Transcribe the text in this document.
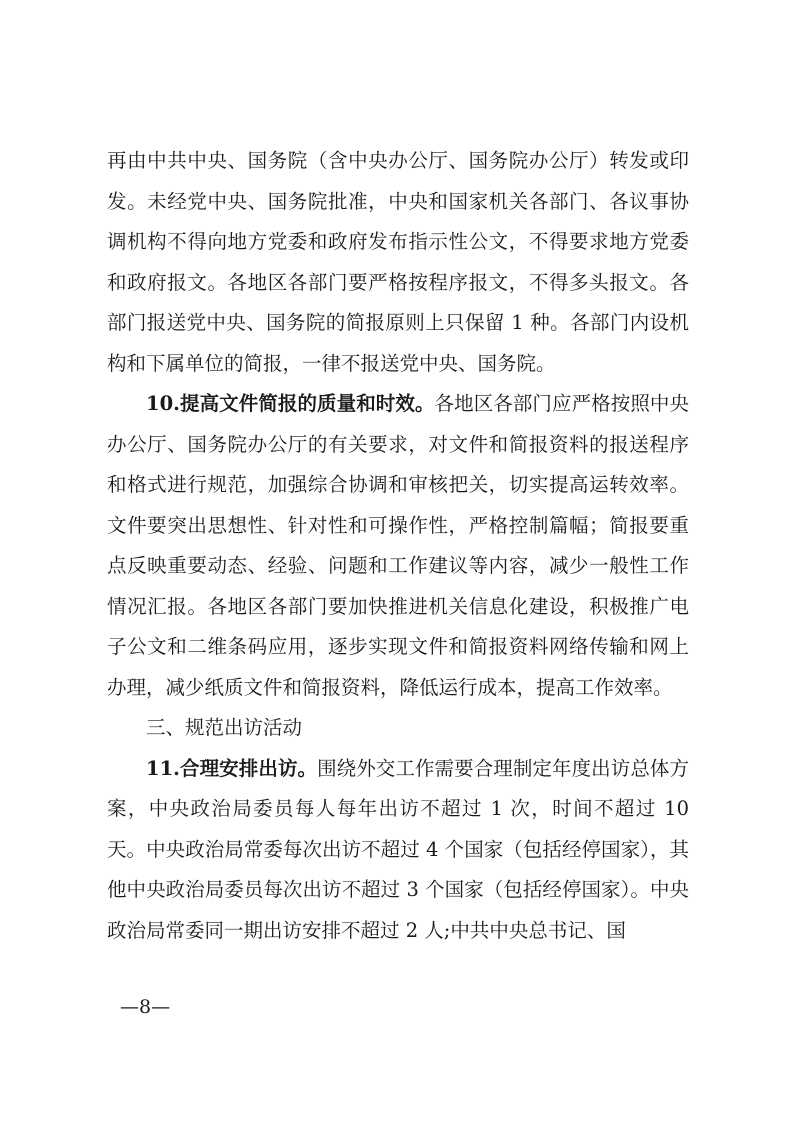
再由中共中央、国务院（含中央办公厅、国务院办公厅）转发或印发。未经党中央、国务院批准，中央和国家机关各部门、各议事协调机构不得向地方党委和政府发布指示性公文，不得要求地方党委和政府报文。各地区各部门要严格按程序报文，不得多头报文。各部门报送党中央、国务院的简报原则上只保留 1 种。各部门内设机构和下属单位的简报，一律不报送党中央、国务院。

10.提高文件简报的质量和时效。各地区各部门应严格按照中央办公厅、国务院办公厅的有关要求，对文件和简报资料的报送程序和格式进行规范，加强综合协调和审核把关，切实提高运转效率。文件要突出思想性、针对性和可操作性，严格控制篇幅；简报要重点反映重要动态、经验、问题和工作建议等内容，减少一般性工作情况汇报。各地区各部门要加快推进机关信息化建设，积极推广电子公文和二维条码应用，逐步实现文件和简报资料网络传输和网上办理，减少纸质文件和简报资料，降低运行成本，提高工作效率。

三、规范出访活动

11.合理安排出访。围绕外交工作需要合理制定年度出访总体方案，中央政治局委员每人每年出访不超过 1 次，时间不超过 10 天。中央政治局常委每次出访不超过 4 个国家（包括经停国家），其他中央政治局委员每次出访不超过 3 个国家（包括经停国家）。中央政治局常委同一期出访安排不超过 2 人;中共中央总书记、国

—8—
